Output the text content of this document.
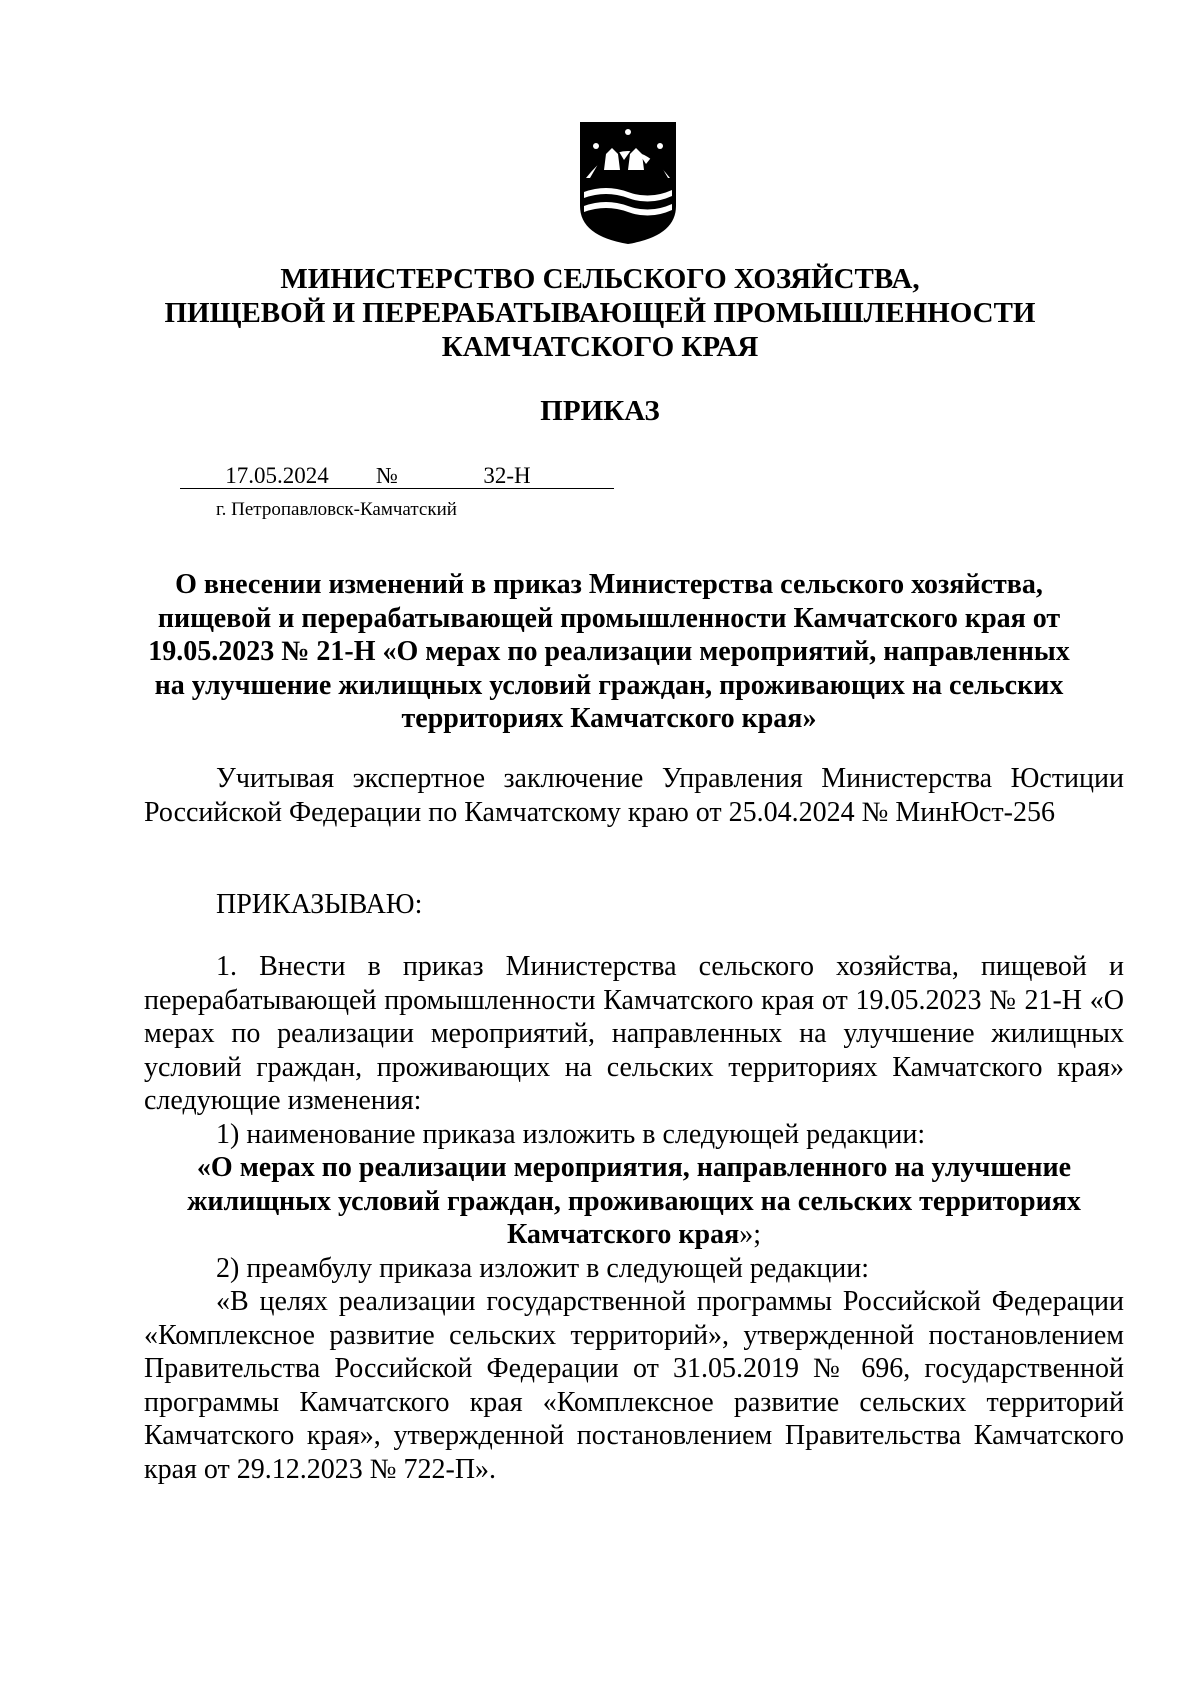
МИНИСТЕРСТВО СЕЛЬСКОГО ХОЗЯЙСТВА,
ПИЩЕВОЙ И ПЕРЕРАБАТЫВАЮЩЕЙ ПРОМЫШЛЕННОСТИ
КАМЧАТСКОГО КРАЯ
ПРИКАЗ
17.05.2024 №	32-Н
г. Петропавловск-Камчатский
О внесении изменений в приказ Министерства сельского хозяйства, пищевой и перерабатывающей промышленности Камчатского края от 19.05.2023 № 21-Н «О мерах по реализации мероприятий, направленных на улучшение жилищных условий граждан, проживающих на сельских территориях Камчатского края»

Учитывая экспертное заключение Управления Министерства Юстиции Российской Федерации по Камчатскому краю от 25.04.2024 № МинЮст-256

ПРИКАЗЫВАЮ:

1. Внести в приказ Министерства сельского хозяйства, пищевой и перерабатывающей промышленности Камчатского края от 19.05.2023 № 21-Н «О мерах по реализации мероприятий, направленных на улучшение жилищных условий граждан, проживающих на сельских территориях Камчатского края» следующие изменения:

1) наименование приказа изложить в следующей редакции:

«О мерах по реализации мероприятия, направленного на улучшение жилищных условий граждан, проживающих на сельских территориях Камчатского края»;

2) преамбулу приказа изложит в следующей редакции:

«В целях реализации государственной программы Российской Федерации «Комплексное развитие сельских территорий», утвержденной постановлением Правительства Российской Федерации от 31.05.2019 № 696, государственной программы Камчатского края «Комплексное развитие сельских территорий Камчатского края», утвержденной постановлением Правительства Камчатского края от 29.12.2023 № 722-П».
